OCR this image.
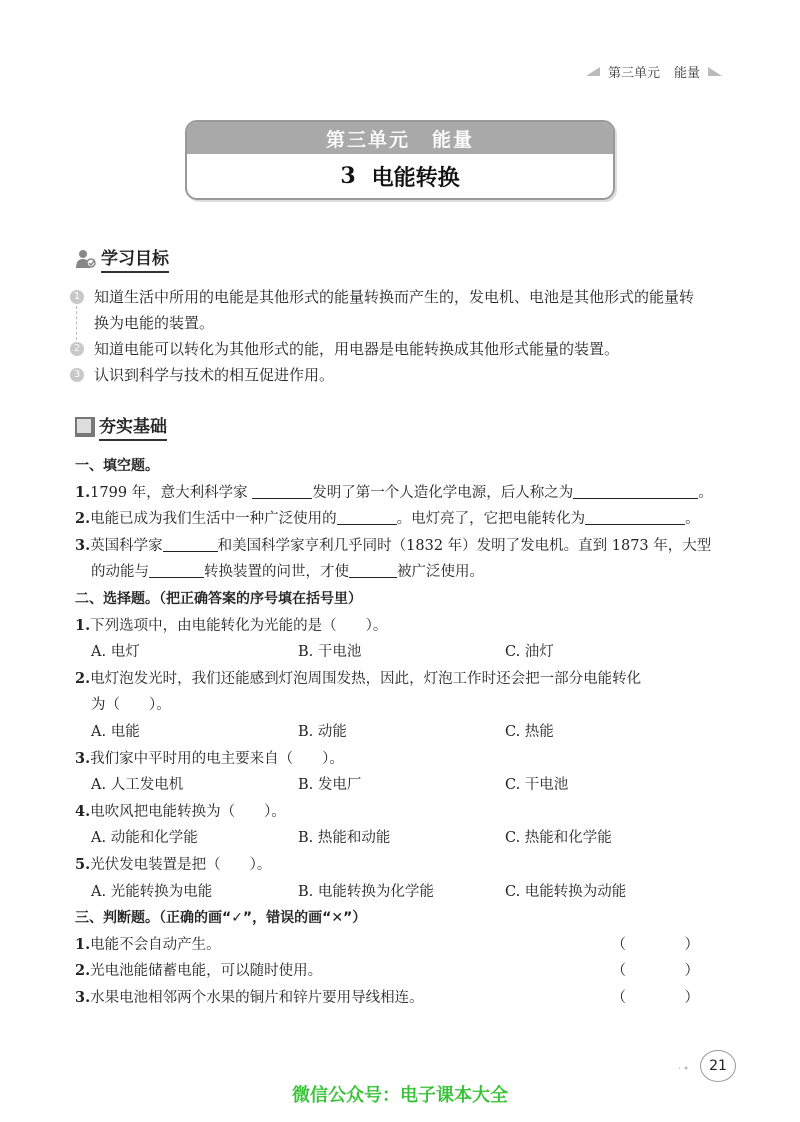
第三单元 能量
第三单元 能量
3 电能转换
学习目标
1 知道生活中所用的电能是其他形式的能量转换而产生的，发电机、电池是其他形式的能量转
换为电能的装置。
2 知道电能可以转化为其他形式的能，用电器是电能转换成其他形式能量的装置。
3 认识到科学与技术的相互促进作用。
夯实基础
一、填空题。
1.1799 年，意大利科学家	发明了第一个人造化学电源，后人称之为	。
2.电能已成为我们生活中一种广泛使用的	。电灯亮了，它把电能转化为	。
3.英国科学家	和美国科学家亨利几乎同时（1832 年）发明了发电机。直到 1873 年，大型
的动能与	转换装置的问世，才使	被广泛使用。
二、选择题。（把正确答案的序号填在括号里）
1.下列选项中，由电能转化为光能的是（　　）。
A. 电灯	B. 干电池	C. 油灯
2.电灯泡发光时，我们还能感到灯泡周围发热，因此，灯泡工作时还会把一部分电能转化
为（　　）。
A. 电能	B. 动能	C. 热能
3.我们家中平时用的电主要来自（　　）。
A. 人工发电机	B. 发电厂	C. 干电池
4.电吹风把电能转换为（　　）。
A. 动能和化学能	B. 热能和动能	C. 热能和化学能
5.光伏发电装置是把（　　）。
A. 光能转换为电能	B. 电能转换为化学能	C. 电能转换为动能
三、判断题。（正确的画“✓”，错误的画“✕”）
1.电能不会自动产生。	（　）
2.光电池能储蓄电能，可以随时使用。	（　）
3.水果电池相邻两个水果的铜片和锌片要用导线相连。	（　）
·•	21
微信公众号：电子课本大全
